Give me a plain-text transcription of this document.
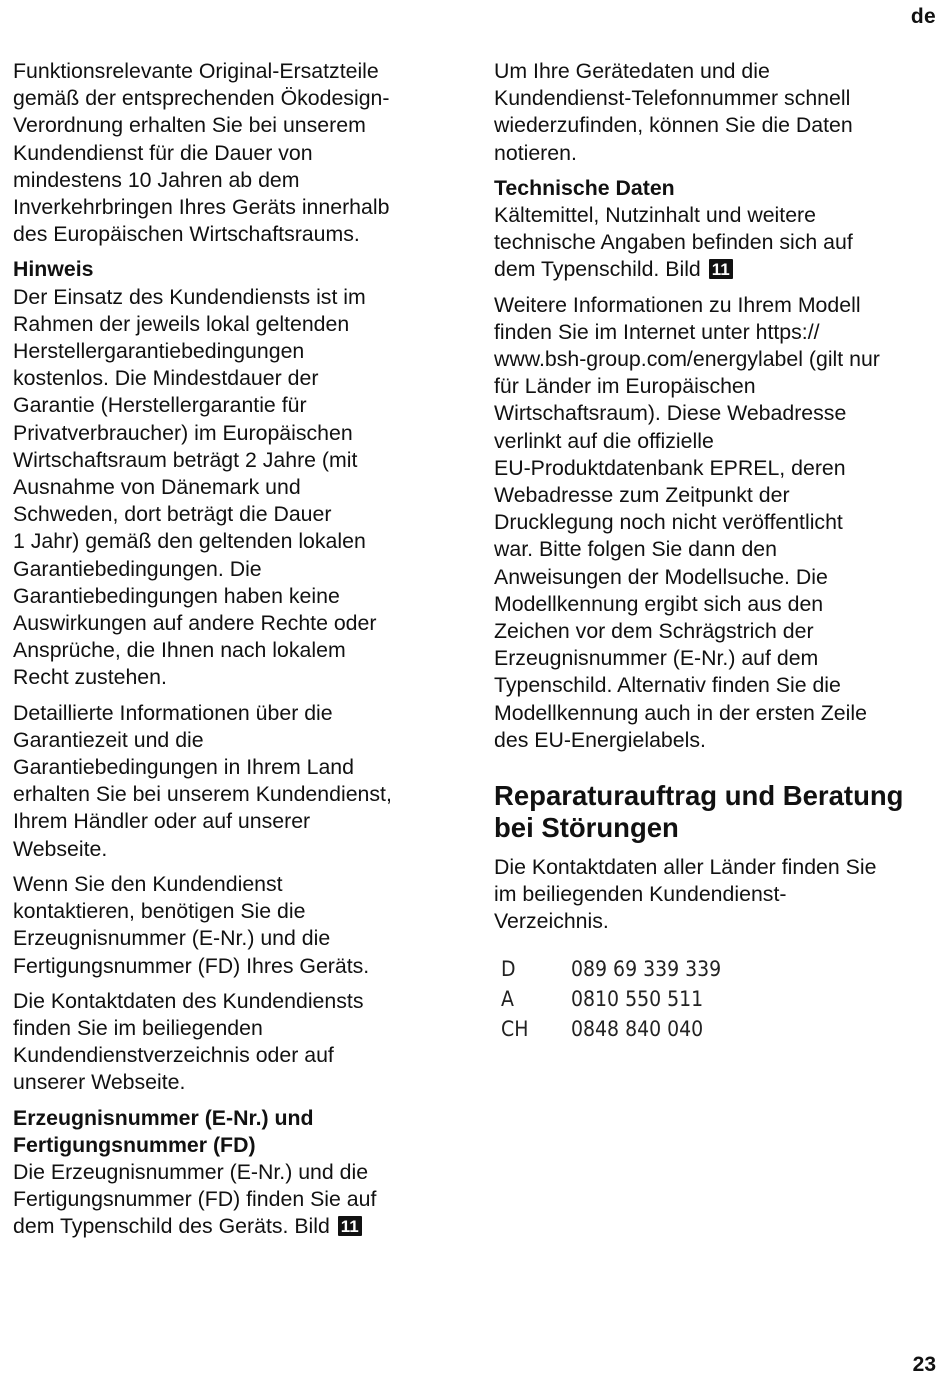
de

Funktionsrelevante Original-Ersatzteile
gemäß der entsprechenden Ökodesign-
Verordnung erhalten Sie bei unserem
Kundendienst für die Dauer von
mindestens 10 Jahren ab dem
Inverkehrbringen Ihres Geräts innerhalb
des Europäischen Wirtschaftsraums.

Hinweis

Der Einsatz des Kundendiensts ist im
Rahmen der jeweils lokal geltenden
Herstellergarantiebedingungen
kostenlos. Die Mindestdauer der
Garantie (Herstellergarantie für
Privatverbraucher) im Europäischen
Wirtschaftsraum beträgt 2 Jahre (mit
Ausnahme von Dänemark und
Schweden, dort beträgt die Dauer
1 Jahr) gemäß den geltenden lokalen
Garantiebedingungen. Die
Garantiebedingungen haben keine
Auswirkungen auf andere Rechte oder
Ansprüche, die Ihnen nach lokalem
Recht zustehen.

Detaillierte Informationen über die
Garantiezeit und die
Garantiebedingungen in Ihrem Land
erhalten Sie bei unserem Kundendienst,
Ihrem Händler oder auf unserer
Webseite.

Wenn Sie den Kundendienst
kontaktieren, benötigen Sie die
Erzeugnisnummer (E-Nr.) und die
Fertigungsnummer (FD) Ihres Geräts.

Die Kontaktdaten des Kundendiensts
finden Sie im beiliegenden
Kundendienstverzeichnis oder auf
unserer Webseite.

Erzeugnisnummer (E-Nr.) und
Fertigungsnummer (FD)

Die Erzeugnisnummer (E-Nr.) und die
Fertigungsnummer (FD) finden Sie auf
dem Typenschild des Geräts. Bild 11

Um Ihre Gerätedaten und die
Kundendienst-Telefonnummer schnell
wiederzufinden, können Sie die Daten
notieren.

Technische Daten

Kältemittel, Nutzinhalt und weitere
technische Angaben befinden sich auf
dem Typenschild. Bild 11

Weitere Informationen zu Ihrem Modell
finden Sie im Internet unter https://
www.bsh-group.com/energylabel (gilt nur
für Länder im Europäischen
Wirtschaftsraum). Diese Webadresse
verlinkt auf die offizielle
EU-Produktdatenbank EPREL, deren
Webadresse zum Zeitpunkt der
Drucklegung noch nicht veröffentlicht
war. Bitte folgen Sie dann den
Anweisungen der Modellsuche. Die
Modellkennung ergibt sich aus den
Zeichen vor dem Schrägstrich der
Erzeugnisnummer (E-Nr.) auf dem
Typenschild. Alternativ finden Sie die
Modellkennung auch in der ersten Zeile
des EU-Energielabels.

Reparaturauftrag und Beratung
bei Störungen

Die Kontaktdaten aller Länder finden Sie
im beiliegenden Kundendienst-
Verzeichnis.

D	089 69 339 339
A	0810 550 511
CH	0848 840 040
23
